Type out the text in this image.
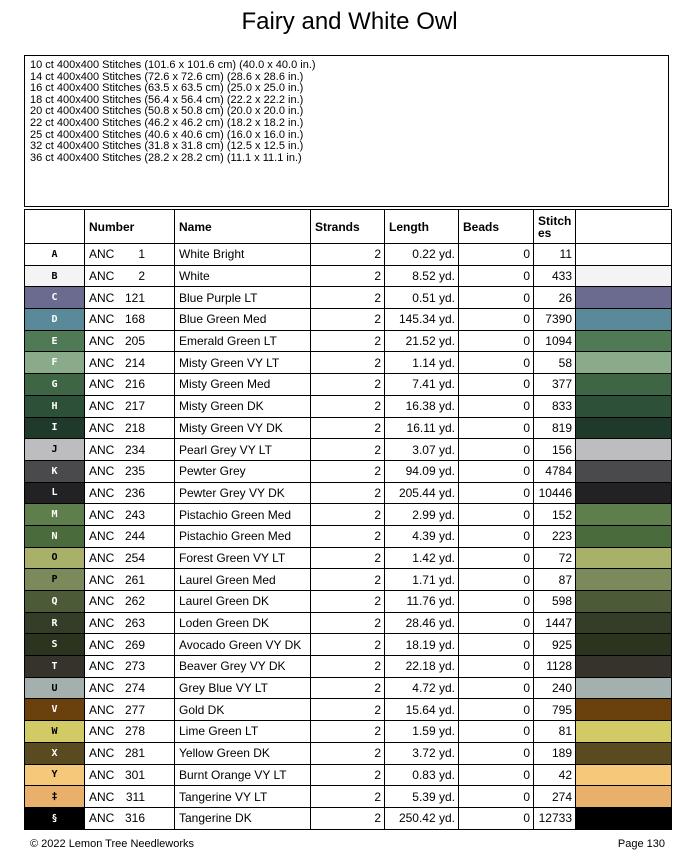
Fairy and White Owl
10 ct 400x400 Stitches (101.6 x 101.6 cm) (40.0 x 40.0 in.)
14 ct 400x400 Stitches (72.6 x 72.6 cm) (28.6 x 28.6 in.)
16 ct 400x400 Stitches (63.5 x 63.5 cm) (25.0 x 25.0 in.)
18 ct 400x400 Stitches (56.4 x 56.4 cm) (22.2 x 22.2 in.)
20 ct 400x400 Stitches (50.8 x 50.8 cm) (20.0 x 20.0 in.)
22 ct 400x400 Stitches (46.2 x 46.2 cm) (18.2 x 18.2 in.)
25 ct 400x400 Stitches (40.6 x 40.6 cm) (16.0 x 16.0 in.)
32 ct 400x400 Stitches (31.8 x 31.8 cm) (12.5 x 12.5 in.)
36 ct 400x400 Stitches (28.2 x 28.2 cm) (11.1 x 11.1 in.)
	Number	Name	Strands	Length	Beads	Stitch es	
A	ANC 1	White Bright	2	0.22 yd.	0	11	
B	ANC 2	White	2	8.52 yd.	0	433	
C	ANC 121	Blue Purple LT	2	0.51 yd.	0	26	
D	ANC 168	Blue Green Med	2	145.34 yd.	0	7390	
E	ANC 205	Emerald Green LT	2	21.52 yd.	0	1094	
F	ANC 214	Misty Green VY LT	2	1.14 yd.	0	58	
G	ANC 216	Misty Green Med	2	7.41 yd.	0	377	
H	ANC 217	Misty Green DK	2	16.38 yd.	0	833	
I	ANC 218	Misty Green VY DK	2	16.11 yd.	0	819	
J	ANC 234	Pearl Grey VY LT	2	3.07 yd.	0	156	
K	ANC 235	Pewter Grey	2	94.09 yd.	0	4784	
L	ANC 236	Pewter Grey VY DK	2	205.44 yd.	0	10446	
M	ANC 243	Pistachio Green Med	2	2.99 yd.	0	152	
N	ANC 244	Pistachio Green Med	2	4.39 yd.	0	223	
O	ANC 254	Forest Green VY LT	2	1.42 yd.	0	72	
P	ANC 261	Laurel Green Med	2	1.71 yd.	0	87	
Q	ANC 262	Laurel Green DK	2	11.76 yd.	0	598	
R	ANC 263	Loden Green DK	2	28.46 yd.	0	1447	
S	ANC 269	Avocado Green VY DK	2	18.19 yd.	0	925	
T	ANC 273	Beaver Grey VY DK	2	22.18 yd.	0	1128	
U	ANC 274	Grey Blue VY LT	2	4.72 yd.	0	240	
V	ANC 277	Gold DK	2	15.64 yd.	0	795	
W	ANC 278	Lime Green LT	2	1.59 yd.	0	81	
X	ANC 281	Yellow Green DK	2	3.72 yd.	0	189	
Y	ANC 301	Burnt Orange VY LT	2	0.83 yd.	0	42	
‡	ANC 311	Tangerine VY LT	2	5.39 yd.	0	274	
§	ANC 316	Tangerine DK	2	250.42 yd.	0	12733	
© 2022 Lemon Tree Needleworks	Page 130
